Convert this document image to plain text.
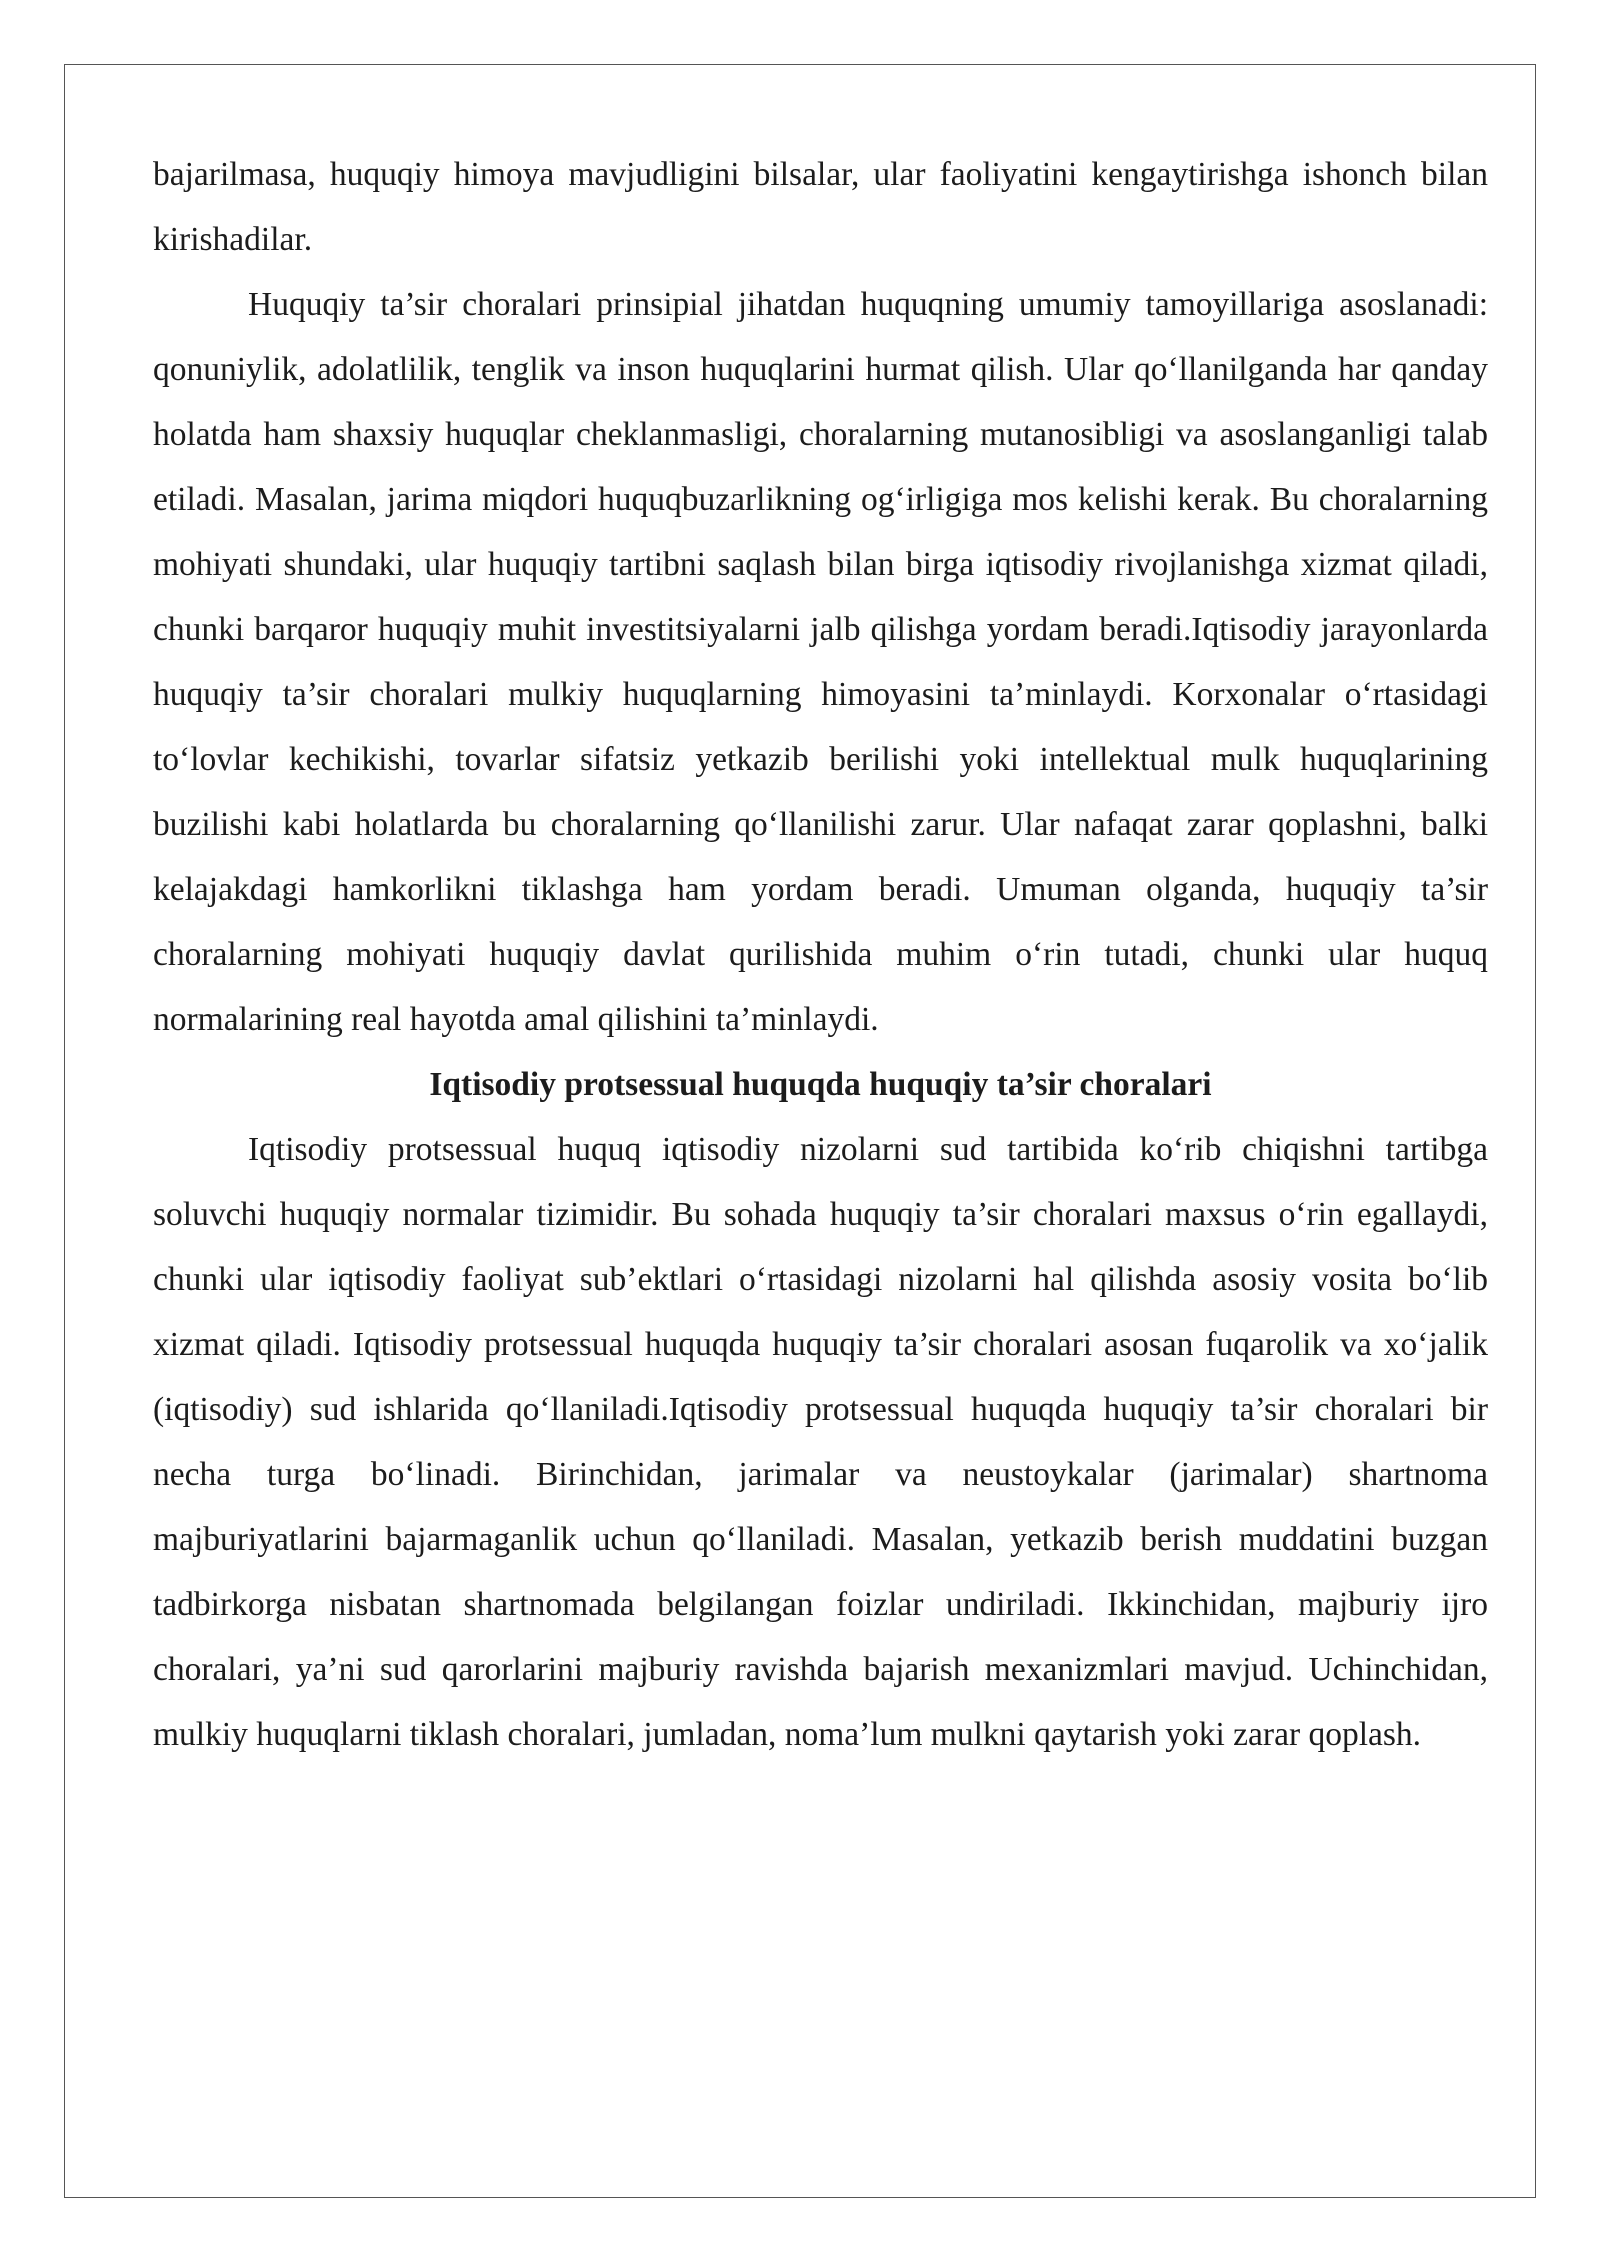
bajarilmasa, huquqiy himoya mavjudligini bilsalar, ular faoliyatini kengaytirishga ishonch bilan kirishadilar.

Huquqiy ta’sir choralari prinsipial jihatdan huquqning umumiy tamoyillariga asoslanadi: qonuniylik, adolatlilik, tenglik va inson huquqlarini hurmat qilish. Ular qo‘llanilganda har qanday holatda ham shaxsiy huquqlar cheklanmasligi, choralarning mutanosibligi va asoslanganligi talab etiladi. Masalan, jarima miqdori huquqbuzarlikning og‘irligiga mos kelishi kerak. Bu choralarning mohiyati shundaki, ular huquqiy tartibni saqlash bilan birga iqtisodiy rivojlanishga xizmat qiladi, chunki barqaror huquqiy muhit investitsiyalarni jalb qilishga yordam beradi.Iqtisodiy jarayonlarda huquqiy ta’sir choralari mulkiy huquqlarning himoyasini ta’minlaydi. Korxonalar o‘rtasidagi to‘lovlar kechikishi, tovarlar sifatsiz yetkazib berilishi yoki intellektual mulk huquqlarining buzilishi kabi holatlarda bu choralarning qo‘llanilishi zarur. Ular nafaqat zarar qoplashni, balki kelajakdagi hamkorlikni tiklashga ham yordam beradi. Umuman olganda, huquqiy ta’sir choralarning mohiyati huquqiy davlat qurilishida muhim o‘rin tutadi, chunki ular huquq normalarining real hayotda amal qilishini ta’minlaydi.

Iqtisodiy protsessual huquqda huquqiy ta’sir choralari

Iqtisodiy protsessual huquq iqtisodiy nizolarni sud tartibida ko‘rib chiqishni tartibga soluvchi huquqiy normalar tizimidir. Bu sohada huquqiy ta’sir choralari maxsus o‘rin egallaydi, chunki ular iqtisodiy faoliyat sub’ektlari o‘rtasidagi nizolarni hal qilishda asosiy vosita bo‘lib xizmat qiladi. Iqtisodiy protsessual huquqda huquqiy ta’sir choralari asosan fuqarolik va xo‘jalik (iqtisodiy) sud ishlarida qo‘llaniladi.Iqtisodiy protsessual huquqda huquqiy ta’sir choralari bir necha turga bo‘linadi. Birinchidan, jarimalar va neustoykalar (jarimalar) shartnoma majburiyatlarini bajarmaganlik uchun qo‘llaniladi. Masalan, yetkazib berish muddatini buzgan tadbirkorga nisbatan shartnomada belgilangan foizlar undiriladi. Ikkinchidan, majburiy ijro choralari, ya’ni sud qarorlarini majburiy ravishda bajarish mexanizmlari mavjud. Uchinchidan, mulkiy huquqlarni tiklash choralari, jumladan, noma’lum mulkni qaytarish yoki zarar qoplash.
